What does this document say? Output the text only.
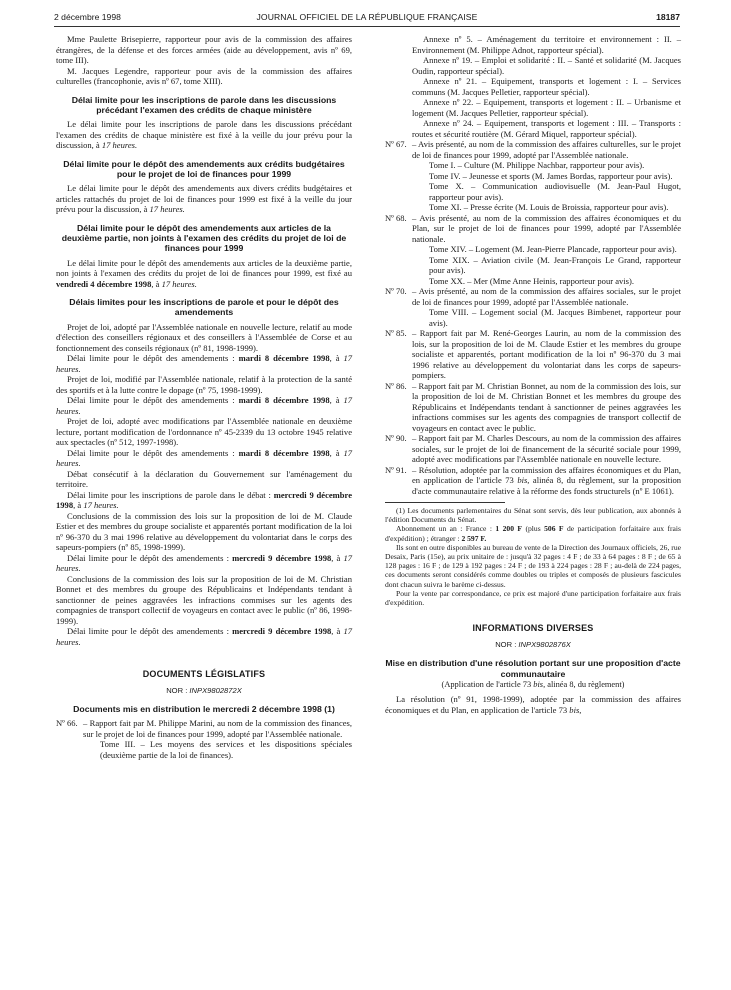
2 décembre 1998	JOURNAL OFFICIEL DE LA RÉPUBLIQUE FRANÇAISE	18187

Mme Paulette Brisepierre, rapporteur pour avis de la commission des affaires étrangères, de la défense et des forces armées (aide au développement, avis nº 69, tome III).

M. Jacques Legendre, rapporteur pour avis de la commission des affaires culturelles (francophonie, avis nº 67, tome XIII).

Délai limite pour les inscriptions de parole dans les discussions précédant l'examen des crédits de chaque ministère

Le délai limite pour les inscriptions de parole dans les discussions précédant l'examen des crédits de chaque ministère est fixé à la veille du jour prévu pour la discussion, à 17 heures.

Délai limite pour le dépôt des amendements aux crédits budgétaires pour le projet de loi de finances pour 1999

Le délai limite pour le dépôt des amendements aux divers crédits budgétaires et articles rattachés du projet de loi de finances pour 1999 est fixé à la veille du jour prévu pour la discussion, à 17 heures.

Délai limite pour le dépôt des amendements aux articles de la deuxième partie, non joints à l'examen des crédits du projet de loi de finances pour 1999

Le délai limite pour le dépôt des amendements aux articles de la deuxième partie, non joints à l'examen des crédits du projet de loi de finances pour 1999, est fixé au vendredi 4 décembre 1998, à 17 heures.

Délais limites pour les inscriptions de parole et pour le dépôt des amendements

Projet de loi, adopté par l'Assemblée nationale en nouvelle lecture, relatif au mode d'élection des conseillers régionaux et des conseillers à l'Assemblée de Corse et au fonctionnement des conseils régionaux (nº 81, 1998-1999).

Délai limite pour le dépôt des amendements : mardi 8 décembre 1998, à 17 heures.

Projet de loi, modifié par l'Assemblée nationale, relatif à la protection de la santé des sportifs et à la lutte contre le dopage (nº 75, 1998-1999).

Délai limite pour le dépôt des amendements : mardi 8 décembre 1998, à 17 heures.

Projet de loi, adopté avec modifications par l'Assemblée nationale en deuxième lecture, portant modification de l'ordonnance nº 45-2339 du 13 octobre 1945 relative aux spectacles (nº 512, 1997-1998).

Délai limite pour le dépôt des amendements : mardi 8 décembre 1998, à 17 heures.

Débat consécutif à la déclaration du Gouvernement sur l'aménagement du territoire.

Délai limite pour les inscriptions de parole dans le débat : mercredi 9 décembre 1998, à 17 heures.

Conclusions de la commission des lois sur la proposition de loi de M. Claude Estier et des membres du groupe socialiste et apparentés portant modification de la loi nº 96-370 du 3 mai 1996 relative au développement du volontariat dans le corps des sapeurs-pompiers (nº 85, 1998-1999).

Délai limite pour le dépôt des amendements : mercredi 9 décembre 1998, à 17 heures.

Conclusions de la commission des lois sur la proposition de loi de M. Christian Bonnet et des membres du groupe des Républicains et Indépendants tendant à sanctionner de peines aggravées les infractions commises sur les agents des compagnies de transport collectif de voyageurs en contact avec le public (nº 86, 1998-1999).

Délai limite pour le dépôt des amendements : mercredi 9 décembre 1998, à 17 heures.

DOCUMENTS LÉGISLATIFS

NOR : INPX9802872X

Documents mis en distribution le mercredi 2 décembre 1998 (1)
Nº 66. – Rapport fait par M. Philippe Marini, au nom de la commission des finances, sur le projet de loi de finances pour 1999, adopté par l'Assemblée nationale.

Tome III. – Les moyens des services et les dispositions spéciales (deuxième partie de la loi de finances).

Annexe nº 5. – Aménagement du territoire et environnement : II. – Environnement (M. Philippe Adnot, rapporteur spécial).

Annexe nº 19. – Emploi et solidarité : II. – Santé et solidarité (M. Jacques Oudin, rapporteur spécial).

Annexe nº 21. – Equipement, transports et logement : I. – Services communs (M. Jacques Pelletier, rapporteur spécial).

Annexe nº 22. – Equipement, transports et logement : II. – Urbanisme et logement (M. Jacques Pelletier, rapporteur spécial).

Annexe nº 24. – Equipement, transports et logement : III. – Transports : routes et sécurité routière (M. Gérard Miquel, rapporteur spécial).

Nº 67. – Avis présenté, au nom de la commission des affaires culturelles, sur le projet de loi de finances pour 1999, adopté par l'Assemblée nationale.

Tome I. – Culture (M. Philippe Nachbar, rapporteur pour avis).

Tome IV. – Jeunesse et sports (M. James Bordas, rapporteur pour avis).

Tome X. – Communication audiovisuelle (M. Jean-Paul Hugot, rapporteur pour avis).

Tome XI. – Presse écrite (M. Louis de Broissia, rapporteur pour avis).

Nº 68. – Avis présenté, au nom de la commission des affaires économiques et du Plan, sur le projet de loi de finances pour 1999, adopté par l'Assemblée nationale.

Tome XIV. – Logement (M. Jean-Pierre Plancade, rapporteur pour avis).

Tome XIX. – Aviation civile (M. Jean-François Le Grand, rapporteur pour avis).

Tome XX. – Mer (Mme Anne Heinis, rapporteur pour avis).

Nº 70. – Avis présenté, au nom de la commission des affaires sociales, sur le projet de loi de finances pour 1999, adopté par l'Assemblée nationale.

Tome VIII. – Logement social (M. Jacques Bimbenet, rapporteur pour avis).

Nº 85. – Rapport fait par M. René-Georges Laurin, au nom de la commission des lois, sur la proposition de loi de M. Claude Estier et les membres du groupe socialiste et apparentés, portant modification de la loi nº 96-370 du 3 mai 1996 relative au développement du volontariat dans les corps de sapeurs-pompiers.

Nº 86. – Rapport fait par M. Christian Bonnet, au nom de la commission des lois, sur la proposition de loi de M. Christian Bonnet et les membres du groupe des Républicains et Indépendants tendant à sanctionner de peines aggravées les infractions commises sur les agents des compagnies de transport collectif de voyageurs en contact avec le public.

Nº 90. – Rapport fait par M. Charles Descours, au nom de la commission des affaires sociales, sur le projet de loi de financement de la sécurité sociale pour 1999, adopté avec modifications par l'Assemblée nationale en nouvelle lecture.

Nº 91. – Résolution, adoptée par la commission des affaires économiques et du Plan, en application de l'article 73 bis, alinéa 8, du règlement, sur la proposition d'acte communautaire relative à la réforme des fonds structurels (nº E 1061).

(1) Les documents parlementaires du Sénat sont servis, dès leur publication, aux abonnés à l'édition Documents du Sénat.

Abonnement un an : France : 1 200 F (plus 506 F de participation forfaitaire aux frais d'expédition) ; étranger : 2 597 F.

Ils sont en outre disponibles au bureau de vente de la Direction des Journaux officiels, 26, rue Desaix, Paris (15e), au prix unitaire de : jusqu'à 32 pages : 4 F ; de 33 à 64 pages : 8 F ; de 65 à 128 pages : 16 F ; de 129 à 192 pages : 24 F ; de 193 à 224 pages : 28 F ; au-delà de 224 pages, ces documents seront considérés comme doubles ou triples et composés de plusieurs fascicules dont chacun suivra le barème ci-dessus.

Pour la vente par correspondance, ce prix est majoré d'une participation forfaitaire aux frais d'expédition.

INFORMATIONS DIVERSES

NOR : INPX9802876X

Mise en distribution d'une résolution portant sur une proposition d'acte communautaire

(Application de l'article 73 bis, alinéa 8, du règlement)

La résolution (nº 91, 1998-1999), adoptée par la commission des affaires économiques et du Plan, en application de l'article 73 bis,
